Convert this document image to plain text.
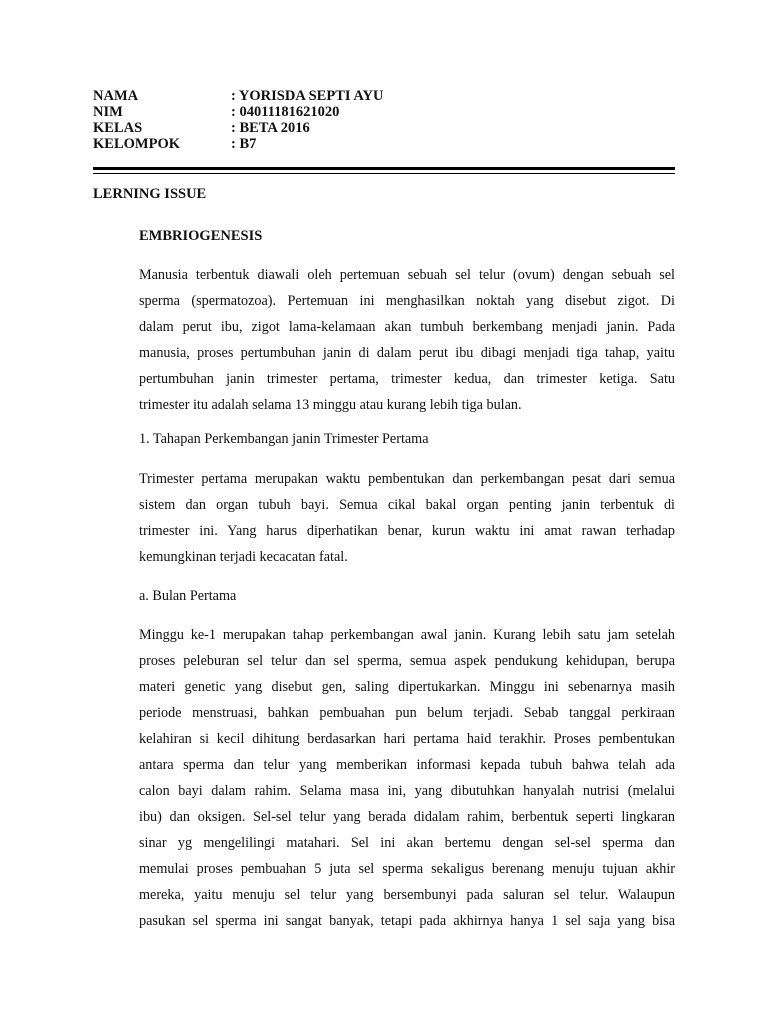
NAMA	: YORISDA SEPTI AYU
NIM	: 04011181621020
KELAS	: BETA 2016
KELOMPOK	: B7
LERNING ISSUE
EMBRIOGENESIS
Manusia terbentuk diawali oleh pertemuan sebuah sel telur (ovum) dengan sebuah sel
sperma (spermatozoa). Pertemuan ini menghasilkan noktah yang disebut zigot. Di
dalam perut ibu, zigot lama-kelamaan akan tumbuh berkembang menjadi janin. Pada
manusia, proses pertumbuhan janin di dalam perut ibu dibagi menjadi tiga tahap, yaitu
pertumbuhan janin trimester pertama, trimester kedua, dan trimester ketiga. Satu
trimester itu adalah selama 13 minggu atau kurang lebih tiga bulan.
1. Tahapan Perkembangan janin Trimester Pertama
Trimester pertama merupakan waktu pembentukan dan perkembangan pesat dari semua
sistem dan organ tubuh bayi. Semua cikal bakal organ penting janin terbentuk di
trimester ini. Yang harus diperhatikan benar, kurun waktu ini amat rawan terhadap
kemungkinan terjadi kecacatan fatal.
a. Bulan Pertama
Minggu ke-1 merupakan tahap perkembangan awal janin. Kurang lebih satu jam setelah
proses peleburan sel telur dan sel sperma, semua aspek pendukung kehidupan, berupa
materi genetic yang disebut gen, saling dipertukarkan. Minggu ini sebenarnya masih
periode menstruasi, bahkan pembuahan pun belum terjadi. Sebab tanggal perkiraan
kelahiran si kecil dihitung berdasarkan hari pertama haid terakhir. Proses pembentukan
antara sperma dan telur yang memberikan informasi kepada tubuh bahwa telah ada
calon bayi dalam rahim. Selama masa ini, yang dibutuhkan hanyalah nutrisi (melalui
ibu) dan oksigen. Sel-sel telur yang berada didalam rahim, berbentuk seperti lingkaran
sinar yg mengelilingi matahari. Sel ini akan bertemu dengan sel-sel sperma dan
memulai proses pembuahan 5 juta sel sperma sekaligus berenang menuju tujuan akhir
mereka, yaitu menuju sel telur yang bersembunyi pada saluran sel telur. Walaupun
pasukan sel sperma ini sangat banyak, tetapi pada akhirnya hanya 1 sel saja yang bisa
